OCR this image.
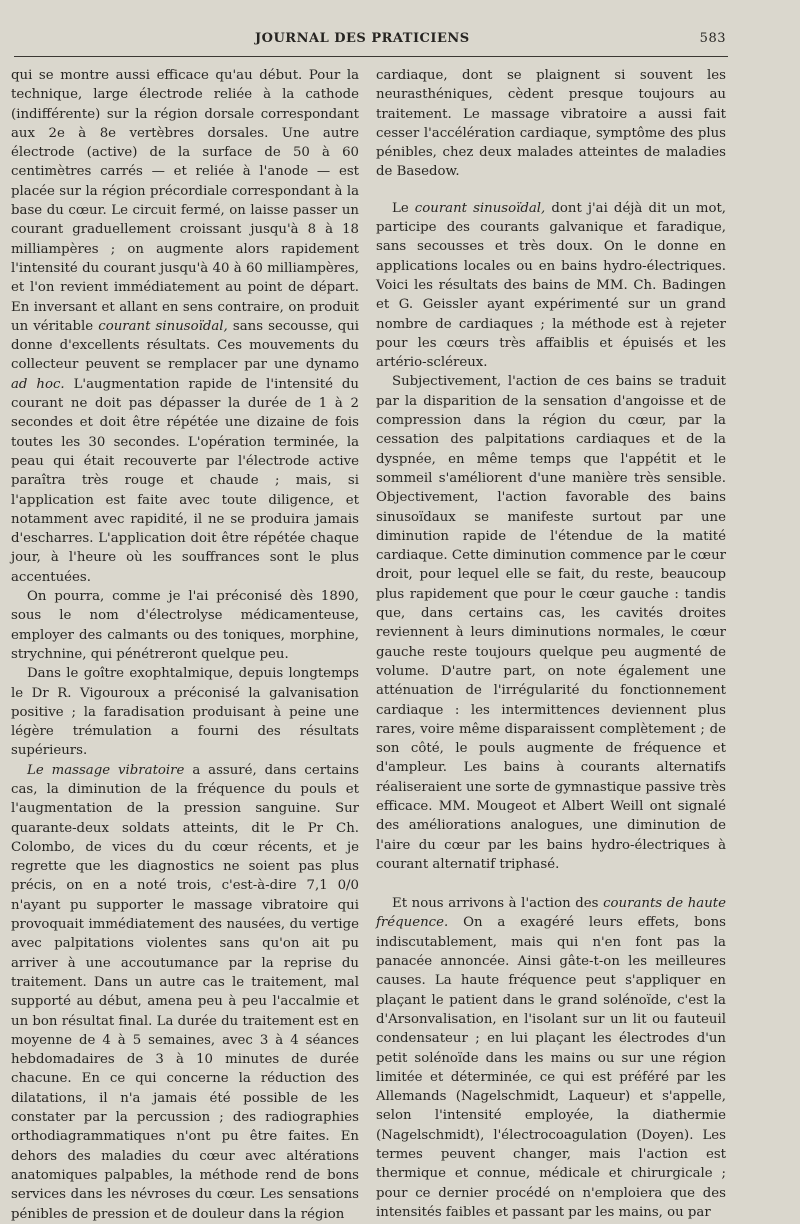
JOURNAL DES PRATICIENS	583

qui se montre aussi efficace qu'au début. Pour la technique, large électrode reliée à la cathode (indifférente) sur la région dorsale correspondant aux 2e à 8e vertèbres dorsales. Une autre électrode (active) de la surface de 50 à 60 centimètres carrés — et reliée à l'anode — est placée sur la région précordiale correspondant à la base du cœur. Le circuit fermé, on laisse passer un courant graduellement croissant jusqu'à 8 à 18 milliampères ; on augmente alors rapidement l'intensité du courant jusqu'à 40 à 60 milliampères, et l'on revient immédiatement au point de départ. En inversant et allant en sens contraire, on produit un véritable courant sinusoïdal, sans secousse, qui donne d'excellents résultats. Ces mouvements du collecteur peuvent se remplacer par une dynamo ad hoc. L'augmentation rapide de l'intensité du courant ne doit pas dépasser la durée de 1 à 2 secondes et doit être répétée une dizaine de fois toutes les 30 secondes. L'opération terminée, la peau qui était recouverte par l'électrode active paraîtra très rouge et chaude ; mais, si l'application est faite avec toute diligence, et notamment avec rapidité, il ne se produira jamais d'escharres. L'application doit être répétée chaque jour, à l'heure où les souffrances sont le plus accentuées.

On pourra, comme je l'ai préconisé dès 1890, sous le nom d'électrolyse médicamenteuse, employer des calmants ou des toniques, morphine, strychnine, qui pénétreront quelque peu.

Dans le goître exophtalmique, depuis longtemps le Dr R. Vigouroux a préconisé la galvanisation positive ; la faradisation produisant à peine une légère trémulation a fourni des résultats supérieurs.

Le massage vibratoire a assuré, dans certains cas, la diminution de la fréquence du pouls et l'augmentation de la pression sanguine. Sur quarante-deux soldats atteints, dit le Pr Ch. Colombo, de vices du du cœur récents, et je regrette que les diagnostics ne soient pas plus précis, on en a noté trois, c'est-à-dire 7,1 0/0 n'ayant pu supporter le massage vibratoire qui provoquait immédiatement des nausées, du vertige avec palpitations violentes sans qu'on ait pu arriver à une accoutumance par la reprise du traitement. Dans un autre cas le traitement, mal supporté au début, amena peu à peu l'accalmie et un bon résultat final. La durée du traitement est en moyenne de 4 à 5 semaines, avec 3 à 4 séances hebdomadaires de 3 à 10 minutes de durée chacune. En ce qui concerne la réduction des dilatations, il n'a jamais été possible de les constater par la percussion ; des radiographies orthodiagrammatiques n'ont pu être faites. En dehors des maladies du cœur avec altérations anatomiques palpables, la méthode rend de bons services dans les névroses du cœur. Les sensations pénibles de pression et de douleur dans la région

cardiaque, dont se plaignent si souvent les neurasthéniques, cèdent presque toujours au traitement. Le massage vibratoire a aussi fait cesser l'accélération cardiaque, symptôme des plus pénibles, chez deux malades atteintes de maladies de Basedow.

Le courant sinusoïdal, dont j'ai déjà dit un mot, participe des courants galvanique et faradique, sans secousses et très doux. On le donne en applications locales ou en bains hydro-électriques. Voici les résultats des bains de MM. Ch. Badingen et G. Geissler ayant expérimenté sur un grand nombre de cardiaques ; la méthode est à rejeter pour les cœurs très affaiblis et épuisés et les artério-scléreux.

Subjectivement, l'action de ces bains se traduit par la disparition de la sensation d'angoisse et de compression dans la région du cœur, par la cessation des palpitations cardiaques et de la dyspnée, en même temps que l'appétit et le sommeil s'améliorent d'une manière très sensible. Objectivement, l'action favorable des bains sinusoïdaux se manifeste surtout par une diminution rapide de l'étendue de la matité cardiaque. Cette diminution commence par le cœur droit, pour lequel elle se fait, du reste, beaucoup plus rapidement que pour le cœur gauche : tandis que, dans certains cas, les cavités droites reviennent à leurs diminutions normales, le cœur gauche reste toujours quelque peu augmenté de volume. D'autre part, on note également une atténuation de l'irrégularité du fonctionnement cardiaque : les intermittences deviennent plus rares, voire même disparaissent complètement ; de son côté, le pouls augmente de fréquence et d'ampleur. Les bains à courants alternatifs réaliseraient une sorte de gymnastique passive très efficace. MM. Mougeot et Albert Weill ont signalé des améliorations analogues, une diminution de l'aire du cœur par les bains hydro-électriques à courant alternatif triphasé.

Et nous arrivons à l'action des courants de haute fréquence. On a exagéré leurs effets, bons indiscutablement, mais qui n'en font pas la panacée annoncée. Ainsi gâte-t-on les meilleures causes. La haute fréquence peut s'appliquer en plaçant le patient dans le grand solénoïde, c'est la d'Arsonvalisation, en l'isolant sur un lit ou fauteuil condensateur ; en lui plaçant les électrodes d'un petit solénoïde dans les mains ou sur une région limitée et déterminée, ce qui est préféré par les Allemands (Nagelschmidt, Laqueur) et s'appelle, selon l'intensité employée, la diathermie (Nagelschmidt), l'électrocoagulation (Doyen). Les termes peuvent changer, mais l'action est thermique et connue, médicale et chirurgicale ; pour ce dernier procédé on n'emploiera que des intensités faibles et passant par les mains, ou par
